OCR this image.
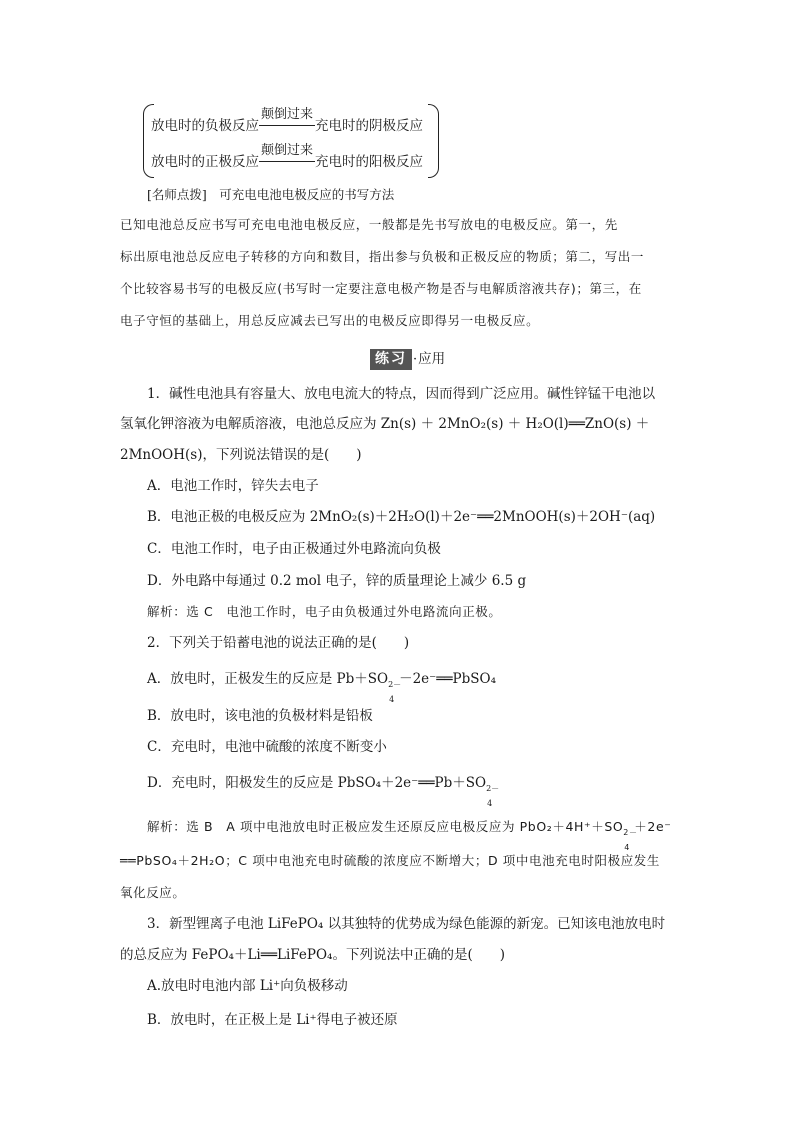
放电时的负极反应
颠倒过来
充电时的阴极反应
放电时的正极反应
颠倒过来
充电时的阳极反应
[名师点拨]　可充电电池电极反应的书写方法
已知电池总反应书写可充电电池电极反应，一般都是先书写放电的电极反应。第一，先
标出原电池总反应电子转移的方向和数目，指出参与负极和正极反应的物质；第二，写出一
个比较容易书写的电极反应(书写时一定要注意电极产物是否与电解质溶液共存)；第三，在
电子守恒的基础上，用总反应减去已写出的电极反应即得另一电极反应。
练习 ·应用
1．碱性电池具有容量大、放电电流大的特点，因而得到广泛应用。碱性锌锰干电池以
氢氧化钾溶液为电解质溶液，电池总反应为 Zn(s) ＋ 2MnO₂(s) ＋ H₂O(l)══ZnO(s) ＋
2MnOOH(s)，下列说法错误的是(　　)
A．电池工作时，锌失去电子
B．电池正极的电极反应为 2MnO₂(s)＋2H₂O(l)＋2e⁻══2MnOOH(s)＋2OH⁻(aq)
C．电池工作时，电子由正极通过外电路流向负极
D．外电路中每通过 0.2 mol 电子，锌的质量理论上减少 6.5 g
解析：选 C　电池工作时，电子由负极通过外电路流向正极。
2．下列关于铅蓄电池的说法正确的是(　　)
A．放电时，正极发生的反应是 Pb＋SO 2－
4
－2e⁻══PbSO₄
B．放电时，该电池的负极材料是铅板
C．充电时，电池中硫酸的浓度不断变小
D．充电时，阳极发生的反应是 PbSO₄＋2e⁻══Pb＋SO 2－
4
解析：选 B　A 项中电池放电时正极应发生还原反应电极反应为 PbO₂＋4H⁺＋SO 2－
4
＋2e⁻
══PbSO₄＋2H₂O；C 项中电池充电时硫酸的浓度应不断增大；D 项中电池充电时阳极应发生
氧化反应。
3．新型锂离子电池 LiFePO₄ 以其独特的优势成为绿色能源的新宠。已知该电池放电时
的总反应为 FePO₄＋Li══LiFePO₄。下列说法中正确的是(　　)
A.放电时电池内部 Li⁺向负极移动
B．放电时，在正极上是 Li⁺得电子被还原
